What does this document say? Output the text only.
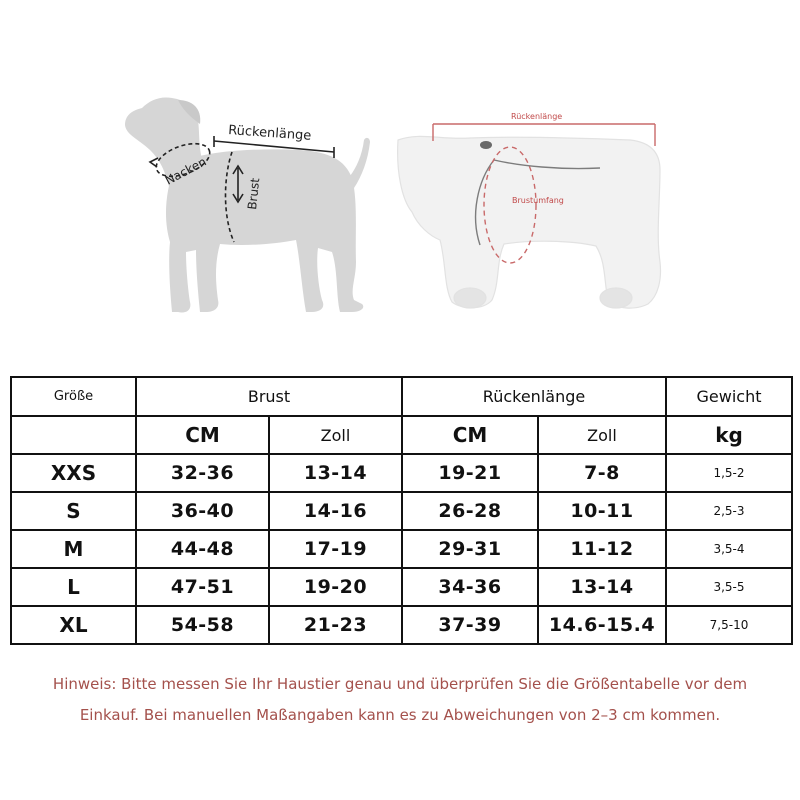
Rückenlänge
Nacken
Brust
Rückenlänge
Brustumfang
Größe	Brust		Rückenlänge		Gewicht
	CM	Zoll	CM	Zoll	kg
XXS	32-36	13-14	19-21	7-8	1,5-2
S	36-40	14-16	26-28	10-11	2,5-3
M	44-48	17-19	29-31	11-12	3,5-4
L	47-51	19-20	34-36	13-14	3,5-5
XL	54-58	21-23	37-39	14.6-15.4	7,5-10
Hinweis: Bitte messen Sie Ihr Haustier genau und überprüfen Sie die Größentabelle vor dem
Einkauf. Bei manuellen Maßangaben kann es zu Abweichungen von 2–3 cm kommen.
